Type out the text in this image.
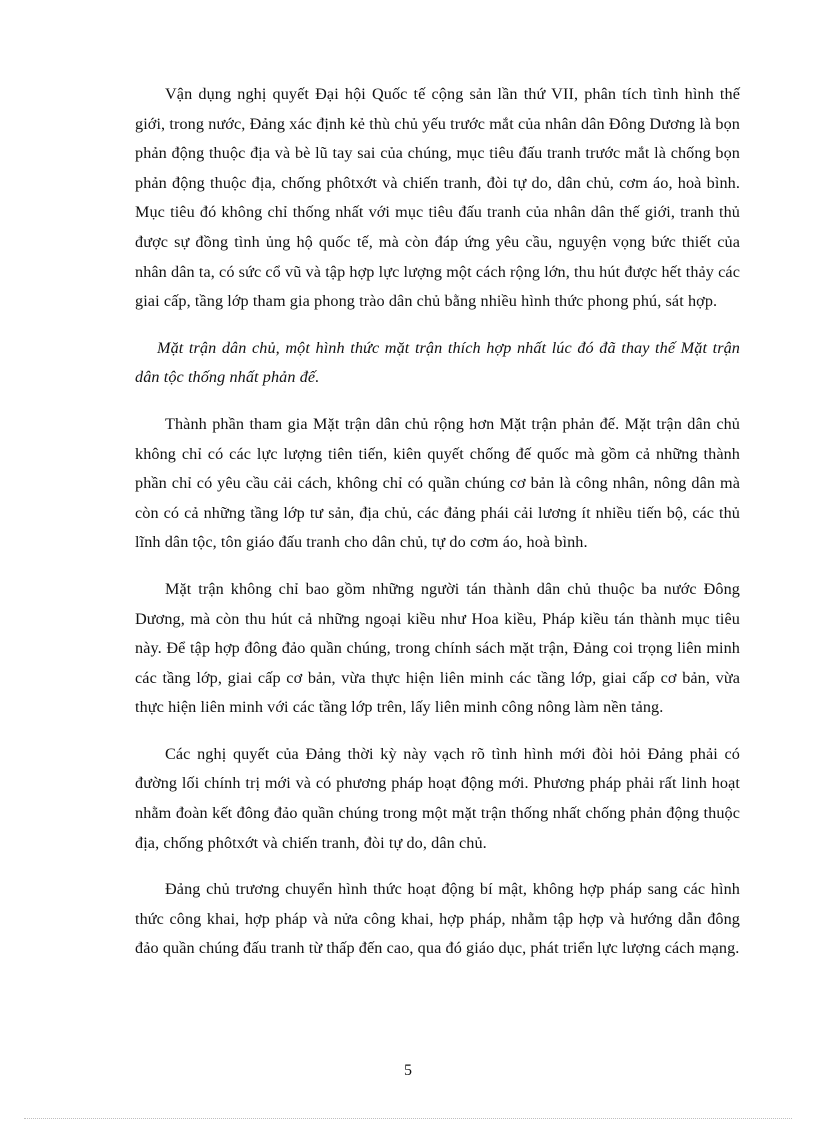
Vận dụng nghị quyết Đại hội Quốc tế cộng sản lần thứ VII, phân tích tình hình thế giới, trong nước, Đảng xác định kẻ thù chủ yếu trước mắt của nhân dân Đông Dương là bọn phản động thuộc địa và bè lũ tay sai của chúng, mục tiêu đấu tranh trước mắt là chống bọn phản động thuộc địa, chống phôtxớt và chiến tranh, đòi tự do, dân chủ, cơm áo, hoà bình. Mục tiêu đó không chỉ thống nhất với mục tiêu đấu tranh của nhân dân thế giới, tranh thủ được sự đồng tình ủng hộ quốc tế, mà còn đáp ứng yêu cầu, nguyện vọng bức thiết của nhân dân ta, có sức cổ vũ và tập hợp lực lượng một cách rộng lớn, thu hút được hết thảy các giai cấp, tầng lớp tham gia phong trào dân chủ bằng nhiều hình thức phong phú, sát hợp.

Mặt trận dân chủ, một hình thức mặt trận thích hợp nhất lúc đó đã thay thế Mặt trận dân tộc thống nhất phản đế.

Thành phần tham gia Mặt trận dân chủ rộng hơn Mặt trận phản đế. Mặt trận dân chủ không chỉ có các lực lượng tiên tiến, kiên quyết chống đế quốc mà gồm cả những thành phần chỉ có yêu cầu cải cách, không chỉ có quần chúng cơ bản là công nhân, nông dân mà còn có cả những tầng lớp tư sản, địa chủ, các đảng phái cải lương ít nhiều tiến bộ, các thủ lĩnh dân tộc, tôn giáo đấu tranh cho dân chủ, tự do cơm áo, hoà bình.

Mặt trận không chỉ bao gồm những người tán thành dân chủ thuộc ba nước Đông Dương, mà còn thu hút cả những ngoại kiều như Hoa kiều, Pháp kiều tán thành mục tiêu này. Để tập hợp đông đảo quần chúng, trong chính sách mặt trận, Đảng coi trọng liên minh các tầng lớp, giai cấp cơ bản, vừa thực hiện liên minh các tầng lớp, giai cấp cơ bản, vừa thực hiện liên minh với các tầng lớp trên, lấy liên minh công nông làm nền tảng.

Các nghị quyết của Đảng thời kỳ này vạch rõ tình hình mới đòi hỏi Đảng phải có đường lối chính trị mới và có phương pháp hoạt động mới. Phương pháp phải rất linh hoạt nhằm đoàn kết đông đảo quần chúng trong một mặt trận thống nhất chống phản động thuộc địa, chống phôtxớt và chiến tranh, đòi tự do, dân chủ.

Đảng chủ trương chuyển hình thức hoạt động bí mật, không hợp pháp sang các hình thức công khai, hợp pháp và nửa công khai, hợp pháp, nhằm tập hợp và hướng dẫn đông đảo quần chúng đấu tranh từ thấp đến cao, qua đó giáo dục, phát triển lực lượng cách mạng.

5
